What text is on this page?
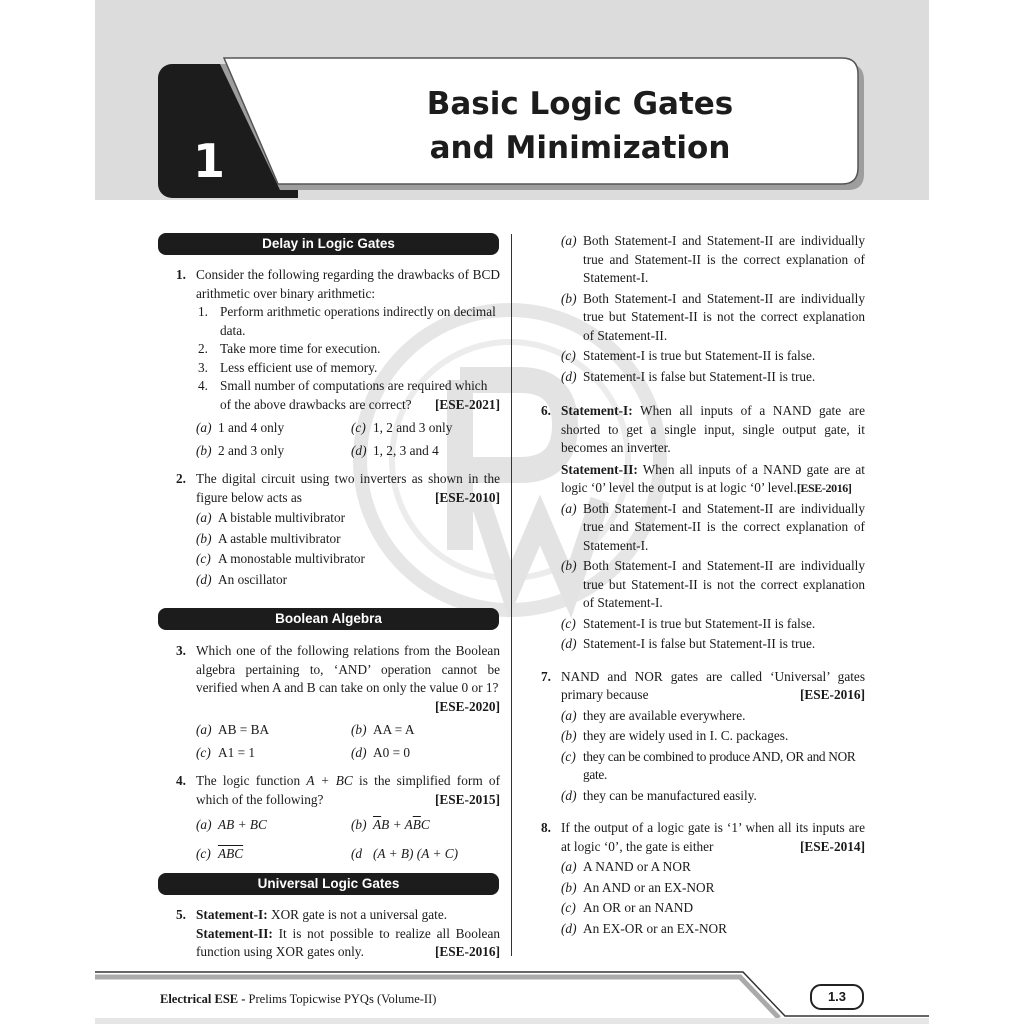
1
Basic Logic Gates
and Minimization
Delay in Logic Gates
Boolean Algebra
Universal Logic Gates
1. Consider the following regarding the drawbacks of BCD arithmetic over binary arithmetic:
1. Perform arithmetic operations indirectly on decimal data.
2. Take more time for execution.
3. Less efficient use of memory.
4. Small number of computations are required which of the above drawbacks are correct? [ESE-2021]
(a) 1 and 4 only	(c) 1, 2 and 3 only
(b) 2 and 3 only	(d) 1, 2, 3 and 4
2. The digital circuit using two inverters as shown in the figure below acts as	[ESE-2010]
(a) A bistable multivibrator
(b) A astable multivibrator
(c) A monostable multivibrator
(d) An oscillator
3. Which one of the following relations from the Boolean algebra pertaining to, ‘AND’ operation cannot be verified when A and B can take on only the value 0 or 1?
[ESE-2020]
(a) AB = BA	(b) AA = A
(c) A1 = 1	(d) A0 = 0
4. The logic function A + BC is the simplified form of which of the following?	[ESE-2015]
(a) AB + BC	(b) $\overline{A}B + A\overline{B}C$
(c) $\overline{ABC}$	(d (A + B) (A + C)
5. Statement-I: XOR gate is not a universal gate.
Statement-II: It is not possible to realize all Boolean function using XOR gates only.	[ESE-2016]
(a) Both Statement-I and Statement-II are individually true and Statement-II is the correct explanation of Statement-I.
(b) Both Statement-I and Statement-II are individually true but Statement-II is not the correct explanation of Statement-II.
(c) Statement-I is true but Statement-II is false.
(d) Statement-I is false but Statement-II is true.
6. Statement-I: When all inputs of a NAND gate are shorted to get a single input, single output gate, it becomes an inverter.
Statement-II: When all inputs of a NAND gate are at logic ‘0’ level the output is at logic ‘0’ level.[ESE-2016]
(a) Both Statement-I and Statement-II are individually true and Statement-II is the correct explanation of Statement-I.
(b) Both Statement-I and Statement-II are individually true but Statement-II is not the correct explanation of Statement-I.
(c) Statement-I is true but Statement-II is false.
(d) Statement-I is false but Statement-II is true.
7. NAND and NOR gates are called ‘Universal’ gates primary because	[ESE-2016]
(a) they are available everywhere.
(b) they are widely used in I. C. packages.
(c) they can be combined to produce AND, OR and NOR gate.
(d) they can be manufactured easily.
8. If the output of a logic gate is ‘1’ when all its inputs are at logic ‘0’, the gate is either	[ESE-2014]
(a) A NAND or A NOR
(b) An AND or an EX-NOR
(c) An OR or an NAND
(d) An EX-OR or an EX-NOR
Electrical ESE - Prelims Topicwise PYQs (Volume-II)	1.3
